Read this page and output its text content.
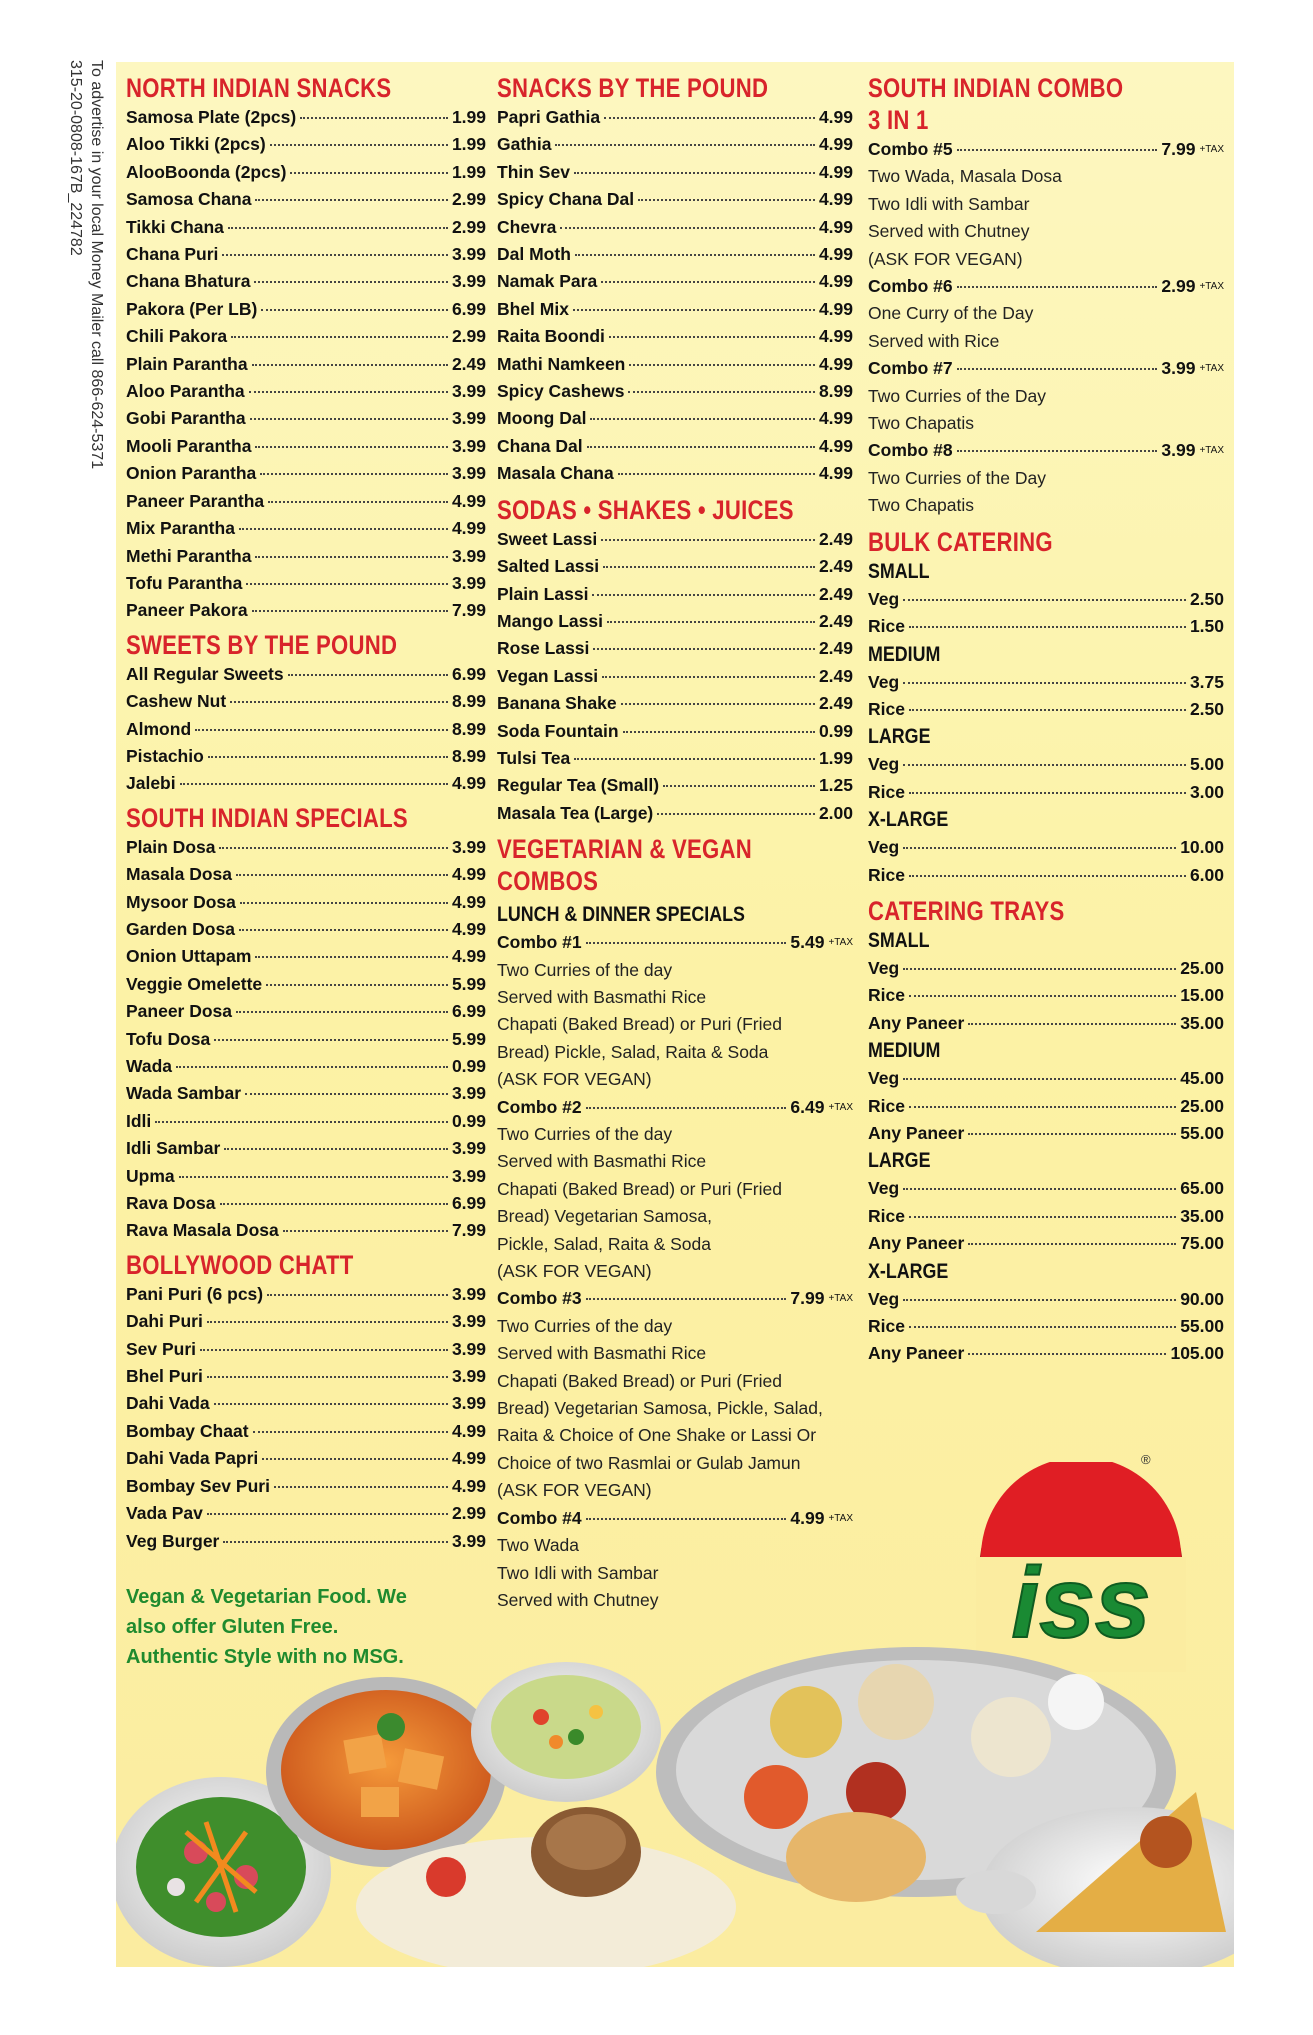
To advertise in your local Money Mailer call 866-624-5371
315-20-0808-167B_224782 NORTH INDIAN SNACKS
Samosa Plate (2pcs)	1.99
Aloo Tikki (2pcs)	1.99
AlooBoonda (2pcs)	1.99
Samosa Chana	2.99
Tikki Chana	2.99
Chana Puri	3.99
Chana Bhatura	3.99
Pakora (Per LB)	6.99
Chili Pakora	2.99
Plain Parantha	2.49
Aloo Parantha	3.99
Gobi Parantha	3.99
Mooli Parantha	3.99
Onion Parantha	3.99
Paneer Parantha	4.99
Mix Parantha	4.99
Methi Parantha	3.99
Tofu Parantha	3.99
Paneer Pakora	7.99
SWEETS BY THE POUND
All Regular Sweets	6.99
Cashew Nut	8.99
Almond	8.99
Pistachio	8.99
Jalebi	4.99
SOUTH INDIAN SPECIALS
Plain Dosa	3.99
Masala Dosa	4.99
Mysoor Dosa	4.99
Garden Dosa	4.99
Onion Uttapam	4.99
Veggie Omelette	5.99
Paneer Dosa	6.99
Tofu Dosa	5.99
Wada	0.99
Wada Sambar	3.99
Idli	0.99
Idli Sambar	3.99
Upma	3.99
Rava Dosa	6.99
Rava Masala Dosa	7.99
BOLLYWOOD CHATT
Pani Puri (6 pcs)	3.99
Dahi Puri	3.99
Sev Puri	3.99
Bhel Puri	3.99
Dahi Vada	3.99
Bombay Chaat	4.99
Dahi Vada Papri	4.99
Bombay Sev Puri	4.99
Vada Pav	2.99
Veg Burger	3.99
SNACKS BY THE POUND
Papri Gathia	4.99
Gathia	4.99
Thin Sev	4.99
Spicy Chana Dal	4.99
Chevra	4.99
Dal Moth	4.99
Namak Para	4.99
Bhel Mix	4.99
Raita Boondi	4.99
Mathi Namkeen	4.99
Spicy Cashews	8.99
Moong Dal	4.99
Chana Dal	4.99
Masala Chana	4.99
SODAS • SHAKES • JUICES
Sweet Lassi	2.49
Salted Lassi	2.49
Plain Lassi	2.49
Mango Lassi	2.49
Rose Lassi	2.49
Vegan Lassi	2.49
Banana Shake	2.49
Soda Fountain	0.99
Tulsi Tea	1.99
Regular Tea (Small)	1.25
Masala Tea (Large)	2.00
VEGETARIAN & VEGAN
COMBOS
LUNCH & DINNER SPECIALS
Combo #1	5.49 +TAX
Two Curries of the day
Served with Basmathi Rice
Chapati (Baked Bread) or Puri (Fried
Bread) Pickle, Salad, Raita & Soda
(ASK FOR VEGAN)
Combo #2	6.49 +TAX
Two Curries of the day
Served with Basmathi Rice
Chapati (Baked Bread) or Puri (Fried
Bread) Vegetarian Samosa,
Pickle, Salad, Raita & Soda
(ASK FOR VEGAN)
Combo #3	7.99 +TAX
Two Curries of the day
Served with Basmathi Rice
Chapati (Baked Bread) or Puri (Fried
Bread) Vegetarian Samosa, Pickle, Salad,
Raita & Choice of One Shake or Lassi Or
Choice of two Rasmlai or Gulab Jamun
(ASK FOR VEGAN)
Combo #4	4.99 +TAX
Two Wada
Two Idli with Sambar
Served with Chutney
SOUTH INDIAN COMBO
3 IN 1
Combo #5	7.99 +TAX
Two Wada, Masala Dosa
Two Idli with Sambar
Served with Chutney
(ASK FOR VEGAN)
Combo #6	2.99 +TAX
One Curry of the Day
Served with Rice
Combo #7	3.99 +TAX
Two Curries of the Day
Two Chapatis
Combo #8	3.99 +TAX
Two Curries of the Day
Two Chapatis
BULK CATERING
SMALL
Veg	2.50
Rice	1.50
MEDIUM
Veg	3.75
Rice	2.50
LARGE
Veg	5.00
Rice	3.00
X-LARGE
Veg	10.00
Rice	6.00
CATERING TRAYS
SMALL
Veg	25.00
Rice	15.00
Any Paneer	35.00
MEDIUM
Veg	45.00
Rice	25.00
Any Paneer	55.00
LARGE
Veg	65.00
Rice	35.00
Any Paneer	75.00
X-LARGE
Veg	90.00
Rice	55.00
Any Paneer	105.00
Vegan & Vegetarian Food. We also offer Gluten Free. Authentic Style with no MSG.
®
iss
